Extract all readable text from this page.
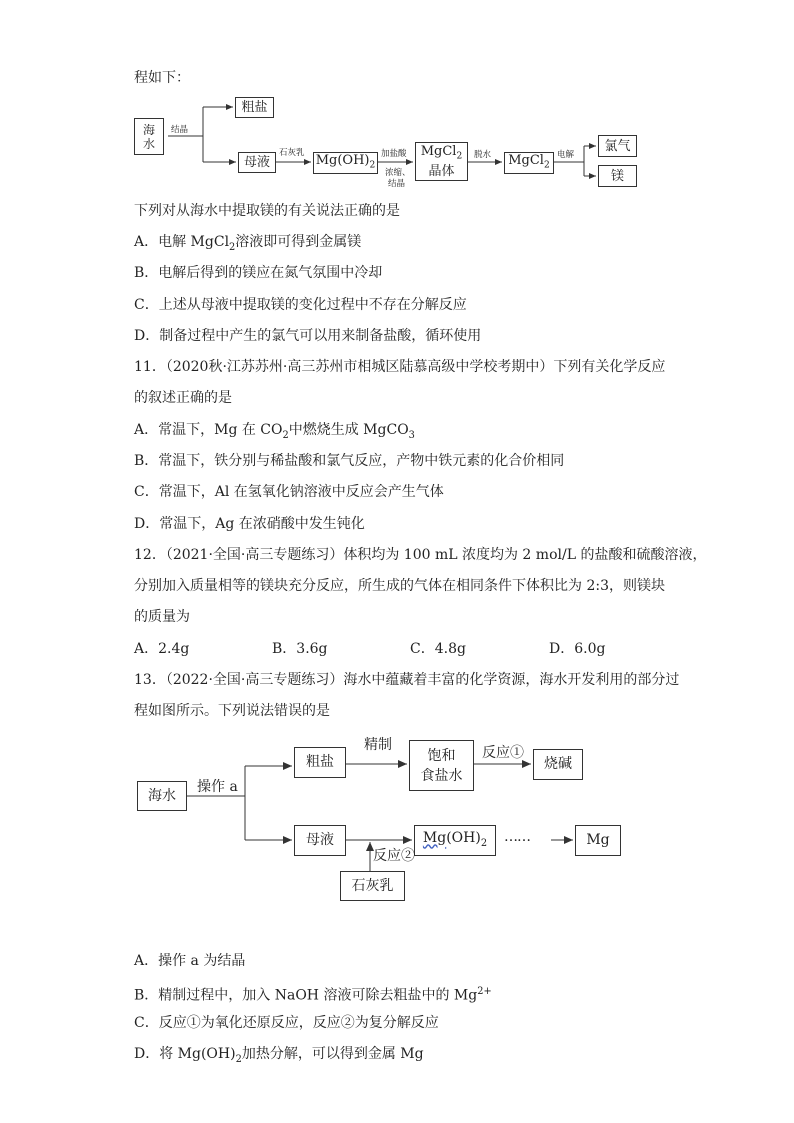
程如下：
海水
结晶
粗盐
母液
石灰乳 $Mg(OH)_2$
加盐酸
浓缩、
结晶
MgCl$_2$
晶体
脱水 MgCl$_2$
电解
氯气
镁
下列对从海水中提取镁的有关说法正确的是
A．电解 MgCl$_2$溶液即可得到金属镁
B．电解后得到的镁应在氮气氛围中冷却
C．上述从母液中提取镁的变化过程中不存在分解反应
D．制备过程中产生的氯气可以用来制备盐酸，循环使用
11．（2020秋·江苏苏州·高三苏州市相城区陆慕高级中学校考期中）下列有关化学反应
的叙述正确的是
A．常温下，Mg 在 $CO_2$中燃烧生成 MgCO$_3$
B．常温下，铁分别与稀盐酸和氯气反应，产物中铁元素的化合价相同
C．常温下，Al 在氢氧化钠溶液中反应会产生气体
D．常温下，Ag 在浓硝酸中发生钝化
12．（2021·全国·高三专题练习）体积均为 100 mL 浓度均为 2 mol/L 的盐酸和硫酸溶液，
分别加入质量相等的镁块充分反应，所生成的气体在相同条件下体积比为 2:3，则镁块
的质量为
A．2.4g	B．3.6g	C．4.8g	D．6.0g
13．（2022·全国·高三专题练习）海水中蕴藏着丰富的化学资源，海水开发利用的部分过
程如图所示。下列说法错误的是
海水
操作 a
粗盐
精制
饱和
食盐水
反应①
烧碱
母液	$Mg(OH)_2$ ……	Mg
反应②
石灰乳
A．操作 a 为结晶
B．精制过程中，加入 NaOH 溶液可除去粗盐中的 $Mg^{2+}$
C．反应①为氧化还原反应，反应②为复分解反应
D．将 $Mg(OH)_2$加热分解，可以得到金属 Mg
